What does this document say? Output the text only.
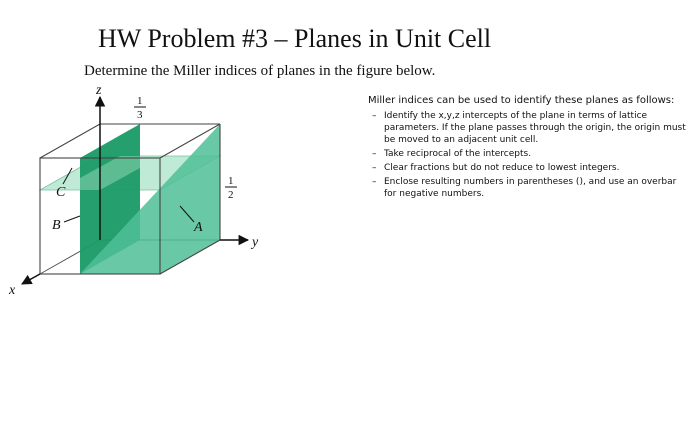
HW Problem #3 – Planes in Unit Cell
Determine the Miller indices of planes in the figure below.
z
y
x
1
3
1
2
C
B	A

Miller indices can be used to identify these planes as follows:

– Identify the x,y,z intercepts of the plane in terms of lattice parameters. If the plane passes through the origin, the origin must be moved to an adjacent unit cell.
– Take reciprocal of the intercepts.
– Clear fractions but do not reduce to lowest integers.
– Enclose resulting numbers in parentheses (), and use an overbar for negative numbers.
